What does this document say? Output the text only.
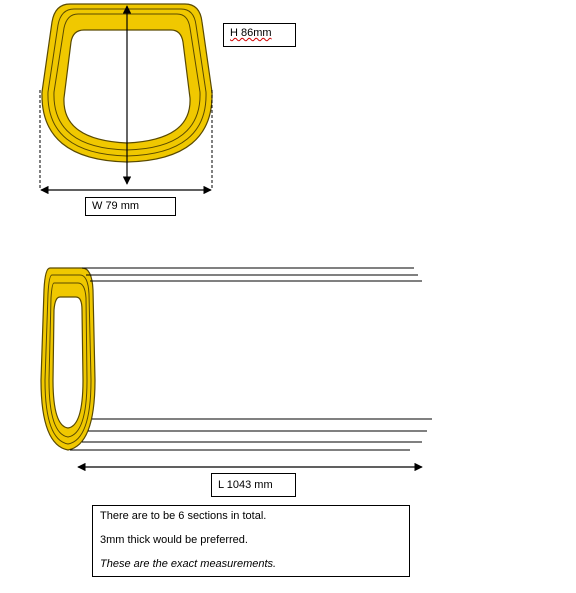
H 86mm
W 79 mm
L 1043 mm

There are to be 6 sections in total.

3mm thick would be preferred.

These are the exact measurements.
